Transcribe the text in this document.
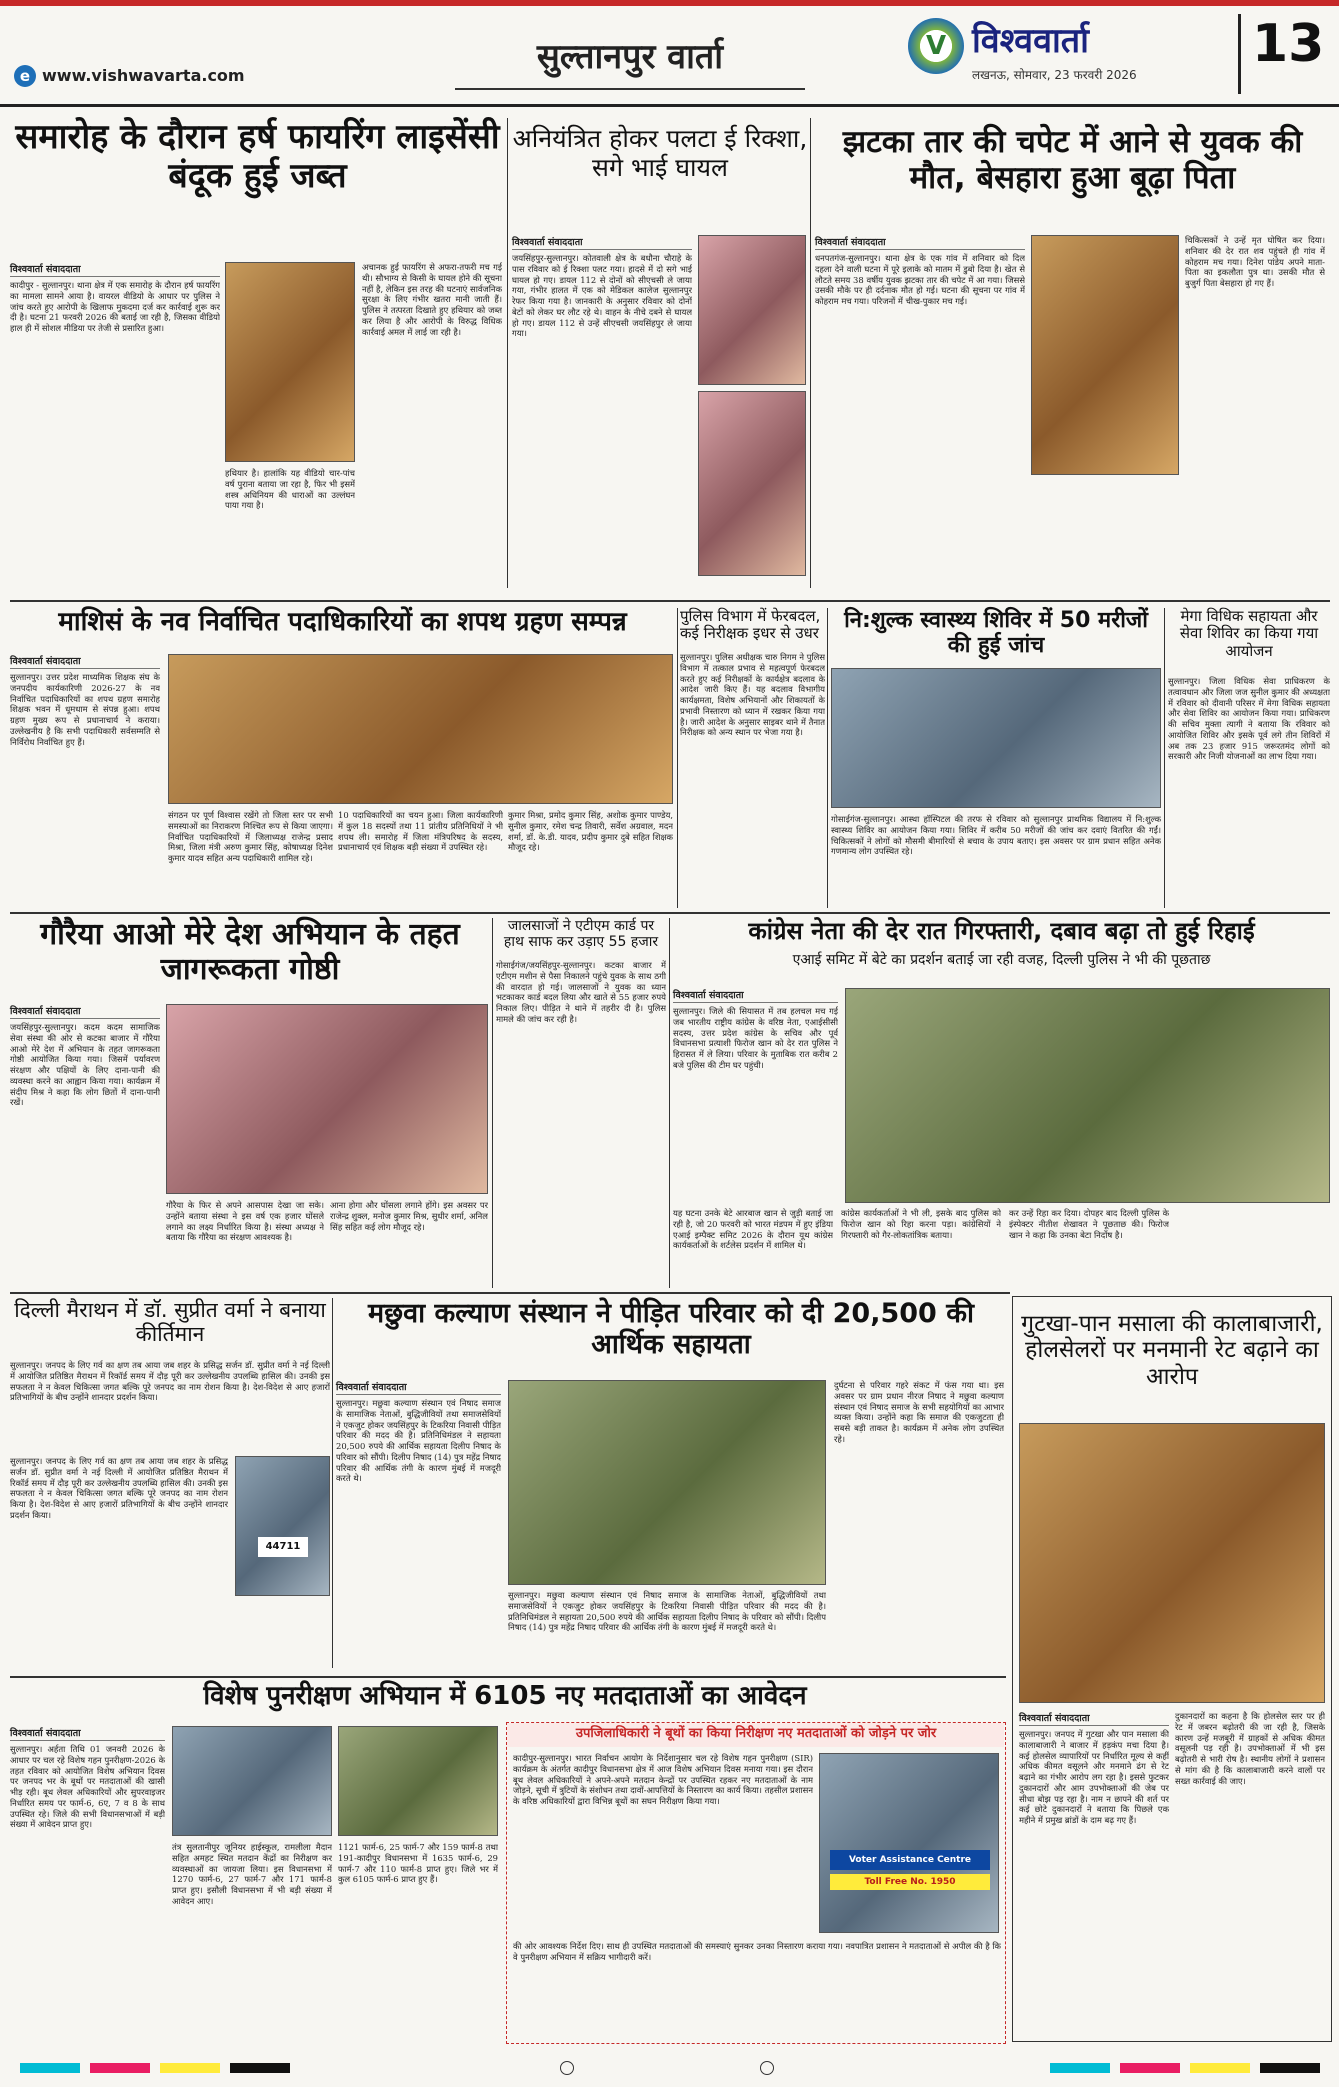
e www.vishwavarta.com	सुल्तानपुर वार्ता	V विश्ववार्ता
लखनऊ, सोमवार, 23 फरवरी 2026
13
समारोह के दौरान हर्ष फायरिंग लाइसेंसी बंदूक हुई जब्त
विश्ववार्ता संवाददाता
कादीपुर - सुल्तानपुर। थाना क्षेत्र में एक समारोह के दौरान हर्ष फायरिंग का मामला सामने आया है। वायरल वीडियो के आधार पर पुलिस ने जांच करते हुए आरोपी के खिलाफ मुकदमा दर्ज कर कार्रवाई शुरू कर दी है। घटना 21 फरवरी 2026 की बताई जा रही है, जिसका वीडियो हाल ही में सोशल मीडिया पर तेजी से प्रसारित हुआ।
हथियार है। हालांकि यह वीडियो चार-पांच वर्ष पुराना बताया जा रहा है, फिर भी इसमें शस्त्र अधिनियम की धाराओं का उल्लंघन पाया गया है।
अचानक हुई फायरिंग से अफरा-तफरी मच गई थी। सौभाग्य से किसी के घायल होने की सूचना नहीं है, लेकिन इस तरह की घटनाएं सार्वजनिक सुरक्षा के लिए गंभीर खतरा मानी जाती हैं। पुलिस ने तत्परता दिखाते हुए हथियार को जब्त कर लिया है और आरोपी के विरुद्ध विधिक कार्रवाई अमल में लाई जा रही है।
अनियंत्रित होकर पलटा ई रिक्शा, सगे भाई घायल
विश्ववार्ता संवाददाता
जयसिंहपुर-सुल्तानपुर। कोतवाली क्षेत्र के बधौना चौराहे के पास रविवार को ई रिक्शा पलट गया। हादसे में दो सगे भाई घायल हो गए। डायल 112 से दोनों को सीएचसी ले जाया गया, गंभीर हालत में एक को मेडिकल कालेज सुल्तानपुर रेफर किया गया है। जानकारी के अनुसार रविवार को दोनों बेटों को लेकर घर लौट रहे थे। वाहन के नीचे दबने से घायल हो गए। डायल 112 से उन्हें सीएचसी जयसिंहपुर ले जाया गया।
झटका तार की चपेट में आने से युवक की मौत, बेसहारा हुआ बूढ़ा पिता
विश्ववार्ता संवाददाता
धनपतगंज-सुल्तानपुर। थाना क्षेत्र के एक गांव में शनिवार को दिल दहला देने वाली घटना में पूरे इलाके को मातम में डुबो दिया है। खेत से लौटते समय 38 वर्षीय युवक झटका तार की चपेट में आ गया। जिससे उसकी मौके पर ही दर्दनाक मौत हो गई। घटना की सूचना पर गांव में कोहराम मच गया। परिजनों में चीख-पुकार मच गई।
चिकित्सकों ने उन्हें मृत घोषित कर दिया। शनिवार की देर रात शव पहुंचते ही गांव में कोहराम मच गया। दिनेश पांडेय अपने माता-पिता का इकलौता पुत्र था। उसकी मौत से बुजुर्ग पिता बेसहारा हो गए हैं।
माशिसं के नव निर्वाचित पदाधिकारियों का शपथ ग्रहण सम्पन्न
विश्ववार्ता संवाददाता
सुल्तानपुर। उत्तर प्रदेश माध्यमिक शिक्षक संघ के जनपदीय कार्यकारिणी 2026-27 के नव निर्वाचित पदाधिकारियों का शपथ ग्रहण समारोह शिक्षक भवन में धूमधाम से संपन्न हुआ। शपथ ग्रहण मुख्य रूप से प्रधानाचार्य ने कराया। उल्लेखनीय है कि सभी पदाधिकारी सर्वसम्मति से निर्विरोध निर्वाचित हुए हैं।
संगठन पर पूर्ण विश्वास रखेंगे तो जिला स्तर पर सभी समस्याओं का निराकरण निश्चित रूप से किया जाएगा। निर्वाचित पदाधिकारियों में जिलाध्यक्ष राजेन्द्र प्रसाद मिश्रा, जिला मंत्री अरुण कुमार सिंह, कोषाध्यक्ष दिनेश कुमार यादव सहित अन्य पदाधिकारी शामिल रहे।
10 पदाधिकारियों का चयन हुआ। जिला कार्यकारिणी में कुल 18 सदस्यों तथा 11 प्रांतीय प्रतिनिधियों ने भी शपथ ली। समारोह में जिला मंत्रिपरिषद के सदस्य, प्रधानाचार्य एवं शिक्षक बड़ी संख्या में उपस्थित रहे।
कुमार मिश्रा, प्रमोद कुमार सिंह, अशोक कुमार पाण्डेय, सुनील कुमार, रमेश चन्द्र तिवारी, सर्वेश अग्रवाल, मदन शर्मा, डॉ. के.डी. यादव, प्रदीप कुमार दुबे सहित शिक्षक मौजूद रहे।
पुलिस विभाग में फेरबदल, कई निरीक्षक इधर से उधर
सुल्तानपुर। पुलिस अधीक्षक चारु निगम ने पुलिस विभाग में तत्काल प्रभाव से महत्वपूर्ण फेरबदल करते हुए कई निरीक्षकों के कार्यक्षेत्र बदलाव के आदेश जारी किए हैं। यह बदलाव विभागीय कार्यक्षमता, विशेष अभियानों और शिकायतों के प्रभावी निस्तारण को ध्यान में रखकर किया गया है। जारी आदेश के अनुसार साइबर थाने में तैनात निरीक्षक को अन्य स्थान पर भेजा गया है।
नि:शुल्क स्वास्थ्य शिविर में 50 मरीजों की हुई जांच
गोसाईगंज-सुल्तानपुर। आस्था हॉस्पिटल की तरफ से रविवार को सुल्तानपुर प्राथमिक विद्यालय में नि:शुल्क स्वास्थ्य शिविर का आयोजन किया गया। शिविर में करीब 50 मरीजों की जांच कर दवाएं वितरित की गईं। चिकित्सकों ने लोगों को मौसमी बीमारियों से बचाव के उपाय बताए। इस अवसर पर ग्राम प्रधान सहित अनेक गणमान्य लोग उपस्थित रहे।
मेगा विधिक सहायता और सेवा शिविर का किया गया आयोजन
सुल्तानपुर। जिला विधिक सेवा प्राधिकरण के तत्वावधान और जिला जज सुनील कुमार की अध्यक्षता में रविवार को दीवानी परिसर में मेगा विधिक सहायता और सेवा शिविर का आयोजन किया गया। प्राधिकरण की सचिव मुक्ता त्यागी ने बताया कि रविवार को आयोजित शिविर और इसके पूर्व लगे तीन शिविरों में अब तक 23 हजार 915 जरूरतमंद लोगों को सरकारी और निजी योजनाओं का लाभ दिया गया।
गौरैया आओ मेरे देश अभियान के तहत जागरूकता गोष्ठी
विश्ववार्ता संवाददाता
जयसिंहपुर-सुल्तानपुर। कदम कदम सामाजिक सेवा संस्था की ओर से कटका बाजार में गौरैया आओ मेरे देश में अभियान के तहत जागरूकता गोष्ठी आयोजित किया गया। जिसमें पर्यावरण संरक्षण और पक्षियों के लिए दाना-पानी की व्यवस्था करने का आह्वान किया गया। कार्यक्रम में संदीप मिश्र ने कहा कि लोग छितों में दाना-पानी रखें।
गौरैया के फिर से अपने आसपास देखा जा सके। उन्होंने बताया संस्था ने इस वर्ष एक हजार घोंसले लगाने का लक्ष्य निर्धारित किया है। संस्था अध्यक्ष ने बताया कि गौरैया का संरक्षण आवश्यक है।
आना होगा और घोंसला लगाने होंगे। इस अवसर पर राजेन्द्र शुक्ल, मनोज कुमार मिश्र, सुधीर शर्मा, अनिल सिंह सहित कई लोग मौजूद रहे।
जालसाजों ने एटीएम कार्ड पर हाथ साफ कर उड़ाए 55 हजार
गोसाईगंज/जयसिंहपुर-सुल्तानपुर। कटका बाजार में एटीएम मशीन से पैसा निकालने पहुंचे युवक के साथ ठगी की वारदात हो गई। जालसाजों ने युवक का ध्यान भटकाकर कार्ड बदल लिया और खाते से 55 हजार रुपये निकाल लिए। पीड़ित ने थाने में तहरीर दी है। पुलिस मामले की जांच कर रही है।
कांग्रेस नेता की देर रात गिरफ्तारी, दबाव बढ़ा तो हुई रिहाई
एआई समिट में बेटे का प्रदर्शन बताई जा रही वजह, दिल्ली पुलिस ने भी की पूछताछ
विश्ववार्ता संवाददाता
सुल्तानपुर। जिले की सियासत में तब हलचल मच गई जब भारतीय राष्ट्रीय कांग्रेस के वरिष्ठ नेता, एआईसीसी सदस्य, उत्तर प्रदेश कांग्रेस के सचिव और पूर्व विधानसभा प्रत्याशी फिरोज खान को देर रात पुलिस ने हिरासत में ले लिया। परिवार के मुताबिक रात करीब 2 बजे पुलिस की टीम घर पहुंची।
यह घटना उनके बेटे आरबाज खान से जुड़ी बताई जा रही है, जो 20 फरवरी को भारत मंडपम में हुए इंडिया एआई इम्पैक्ट समिट 2026 के दौरान यूथ कांग्रेस कार्यकर्ताओं के शर्टलेस प्रदर्शन में शामिल थे।
कांग्रेस कार्यकर्ताओं ने भी ली, इसके बाद पुलिस को फिरोज खान को रिहा करना पड़ा। कांग्रेसियों ने गिरफ्तारी को गैर-लोकतांत्रिक बताया।
कर उन्हें रिहा कर दिया। दोपहर बाद दिल्ली पुलिस के इंस्पेक्टर नीतीश शेखावत ने पूछताछ की। फिरोज खान ने कहा कि उनका बेटा निर्दोष है।
दिल्ली मैराथन में डॉ. सुप्रीत वर्मा ने बनाया कीर्तिमान
सुल्तानपुर। जनपद के लिए गर्व का क्षण तब आया जब शहर के प्रसिद्ध सर्जन डॉ. सुप्रीत वर्मा ने नई दिल्ली में आयोजित प्रतिष्ठित मैराथन में रिकॉर्ड समय में दौड़ पूरी कर उल्लेखनीय उपलब्धि हासिल की। उनकी इस सफलता ने न केवल चिकित्सा जगत बल्कि पूरे जनपद का नाम रोशन किया है। देश-विदेश से आए हजारों प्रतिभागियों के बीच उन्होंने शानदार प्रदर्शन किया।
44711
सुल्तानपुर। जनपद के लिए गर्व का क्षण तब आया जब शहर के प्रसिद्ध सर्जन डॉ. सुप्रीत वर्मा ने नई दिल्ली में आयोजित प्रतिष्ठित मैराथन में रिकॉर्ड समय में दौड़ पूरी कर उल्लेखनीय उपलब्धि हासिल की। उनकी इस सफलता ने न केवल चिकित्सा जगत बल्कि पूरे जनपद का नाम रोशन किया है। देश-विदेश से आए हजारों प्रतिभागियों के बीच उन्होंने शानदार प्रदर्शन किया।
मछुवा कल्याण संस्थान ने पीड़ित परिवार को दी 20,500 की आर्थिक सहायता
विश्ववार्ता संवाददाता
सुल्तानपुर। मछुवा कल्याण संस्थान एवं निषाद समाज के सामाजिक नेताओं, बुद्धिजीवियों तथा समाजसेवियों ने एकजुट होकर जयसिंहपुर के टिकरिया निवासी पीड़ित परिवार की मदद की है। प्रतिनिधिमंडल ने सहायता 20,500 रुपये की आर्थिक सहायता दिलीप निषाद के परिवार को सौंपी। दिलीप निषाद (14) पुत्र महेंद्र निषाद परिवार की आर्थिक तंगी के कारण मुंबई में मजदूरी करते थे।
सुल्तानपुर। मछुवा कल्याण संस्थान एवं निषाद समाज के सामाजिक नेताओं, बुद्धिजीवियों तथा समाजसेवियों ने एकजुट होकर जयसिंहपुर के टिकरिया निवासी पीड़ित परिवार की मदद की है। प्रतिनिधिमंडल ने सहायता 20,500 रुपये की आर्थिक सहायता दिलीप निषाद के परिवार को सौंपी। दिलीप निषाद (14) पुत्र महेंद्र निषाद परिवार की आर्थिक तंगी के कारण मुंबई में मजदूरी करते थे।
दुर्घटना से परिवार गहरे संकट में फंस गया था। इस अवसर पर ग्राम प्रधान नीरज निषाद ने मछुवा कल्याण संस्थान एवं निषाद समाज के सभी सहयोगियों का आभार व्यक्त किया। उन्होंने कहा कि समाज की एकजुटता ही सबसे बड़ी ताकत है। कार्यक्रम में अनेक लोग उपस्थित रहे।
गुटखा-पान मसाला की कालाबाजारी, होलसेलरों पर मनमानी रेट बढ़ाने का आरोप
विश्ववार्ता संवाददाता
सुल्तानपुर। जनपद में गुटखा और पान मसाला की कालाबाजारी ने बाजार में हड़कंप मचा दिया है। कई होलसेल व्यापारियों पर निर्धारित मूल्य से कहीं अधिक कीमत वसूलने और मनमाने ढंग से रेट बढ़ाने का गंभीर आरोप लग रहा है। इससे फुटकर दुकानदारों और आम उपभोक्ताओं की जेब पर सीधा बोझ पड़ रहा है। नाम न छापने की शर्त पर कई छोटे दुकानदारों ने बताया कि पिछले एक महीने में प्रमुख ब्रांडों के दाम बढ़ गए हैं।
दुकानदारों का कहना है कि होलसेल स्तर पर ही रेट में जबरन बढ़ोतरी की जा रही है, जिसके कारण उन्हें मजबूरी में ग्राहकों से अधिक कीमत वसूलनी पड़ रही है। उपभोक्ताओं में भी इस बढ़ोतरी से भारी रोष है। स्थानीय लोगों ने प्रशासन से मांग की है कि कालाबाजारी करने वालों पर सख्त कार्रवाई की जाए।
विशेष पुनरीक्षण अभियान में 6105 नए मतदाताओं का आवेदन
विश्ववार्ता संवाददाता
सुल्तानपुर। अर्हता तिथि 01 जनवरी 2026 के आधार पर चल रहे विशेष गहन पुनरीक्षण-2026 के तहत रविवार को आयोजित विशेष अभियान दिवस पर जनपद भर के बूथों पर मतदाताओं की खासी भीड़ रही। बूथ लेवल अधिकारियों और सुपरवाइजर निर्धारित समय पर फार्म-6, 6ए, 7 व 8 के साथ उपस्थित रहे। जिले की सभी विधानसभाओं में बड़ी संख्या में आवेदन प्राप्त हुए।
तंत्र सुलतानीपुर जूनियर हाईस्कूल, रामलीला मैदान सहित अमहट स्थित मतदान केंद्रों का निरीक्षण कर व्यवस्थाओं का जायजा लिया। इस विधानसभा में 1270 फार्म-6, 27 फार्म-7 और 171 फार्म-8 प्राप्त हुए। इसौली विधानसभा में भी बड़ी संख्या में आवेदन आए।
1121 फार्म-6, 25 फार्म-7 और 159 फार्म-8 तथा 191-कादीपुर विधानसभा में 1635 फार्म-6, 29 फार्म-7 और 110 फार्म-8 प्राप्त हुए। जिले भर में कुल 6105 फार्म-6 प्राप्त हुए हैं।
उपजिलाधिकारी ने बूथों का किया निरीक्षण नए मतदाताओं को जोड़ने पर जोर
कादीपुर-सुल्तानपुर। भारत निर्वाचन आयोग के निर्देशानुसार चल रहे विशेष गहन पुनरीक्षण (SIR) कार्यक्रम के अंतर्गत कादीपुर विधानसभा क्षेत्र में आज विशेष अभियान दिवस मनाया गया। इस दौरान बूथ लेवल अधिकारियों ने अपने-अपने मतदान केन्द्रों पर उपस्थित रहकर नए मतदाताओं के नाम जोड़ने, सूची में त्रुटियों के संशोधन तथा दावों-आपत्तियों के निस्तारण का कार्य किया। तहसील प्रशासन के वरिष्ठ अधिकारियों द्वारा विभिन्न बूथों का सघन निरीक्षण किया गया।
Voter Assistance Centre
Toll Free No. 1950
की ओर आवश्यक निर्देश दिए। साथ ही उपस्थित मतदाताओं की समस्याएं सुनकर उनका निस्तारण कराया गया। नवपात्रित प्रशासन ने मतदाताओं से अपील की है कि वे पुनरीक्षण अभियान में सक्रिय भागीदारी करें।
